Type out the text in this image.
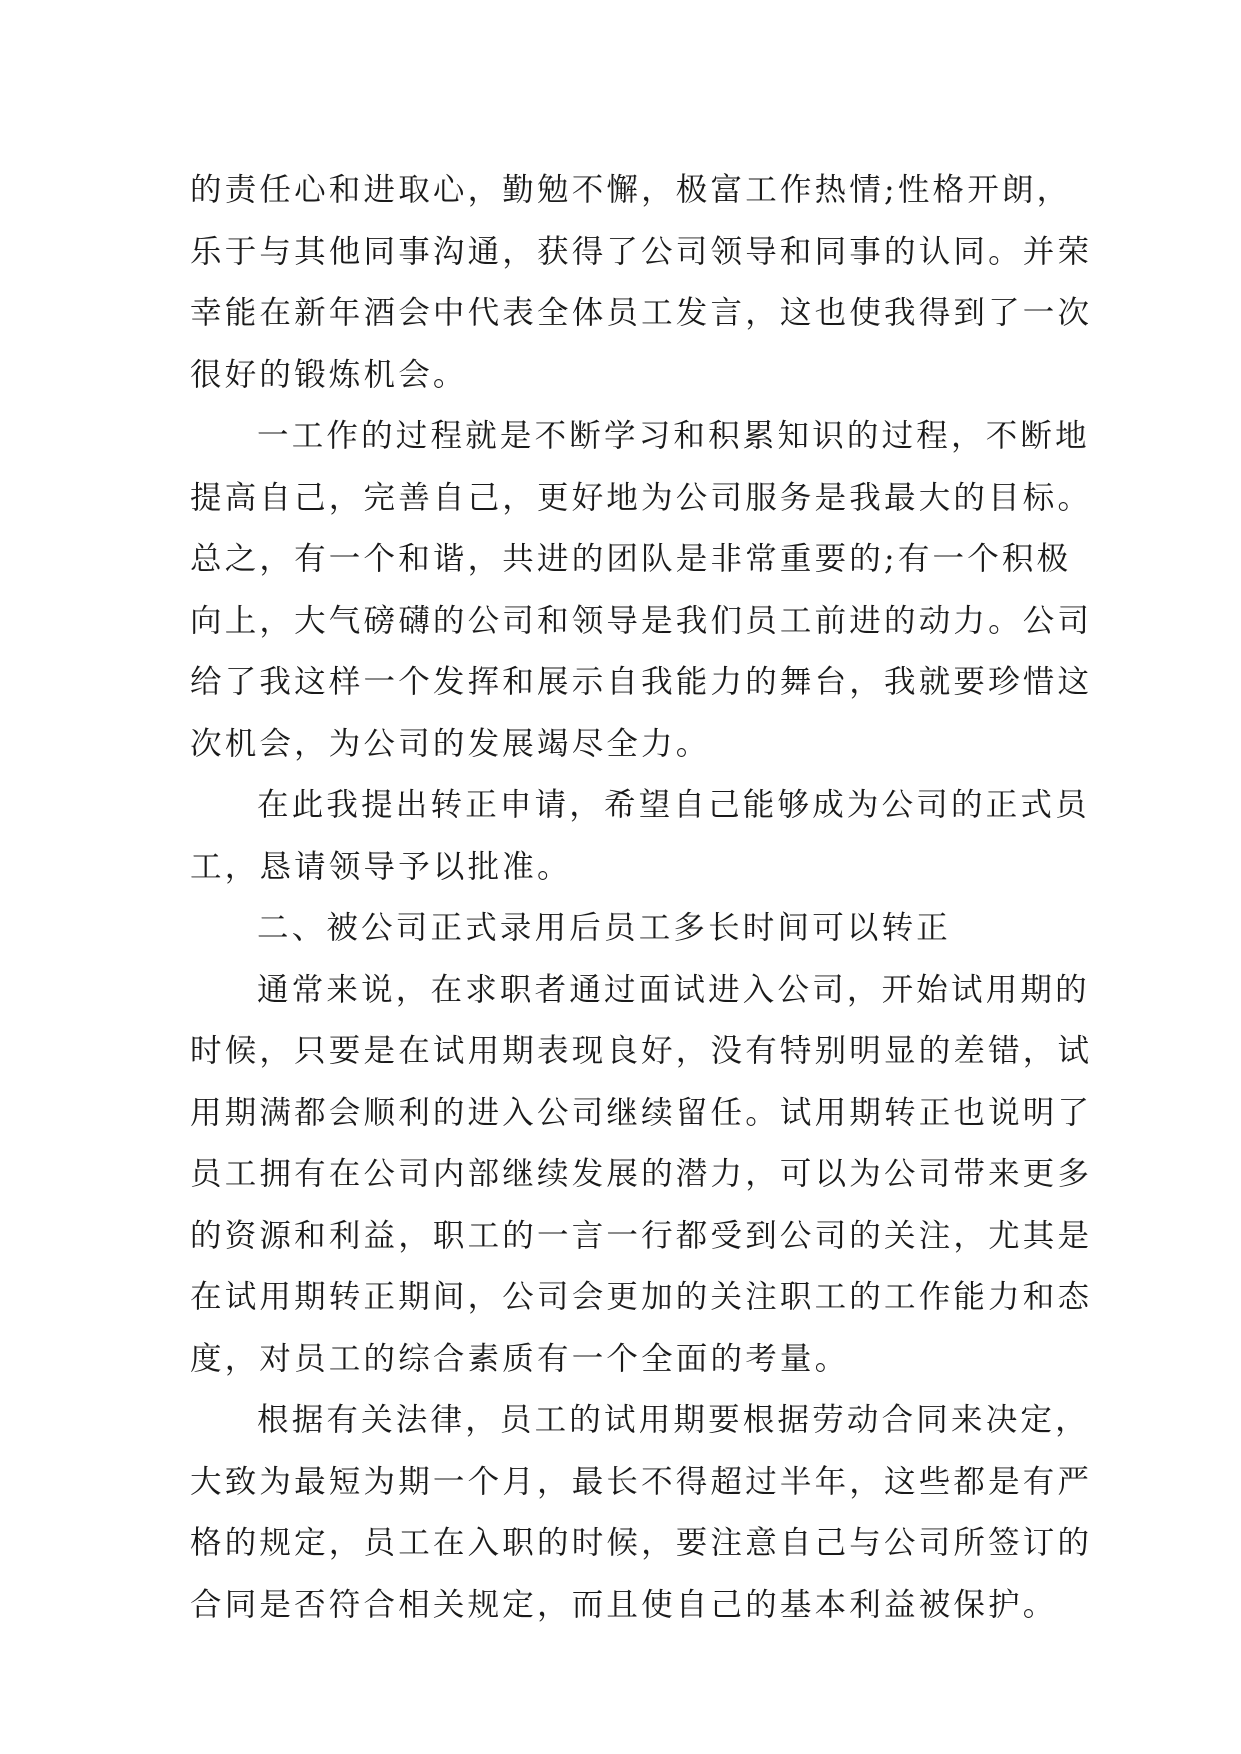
的责任心和进取心，勤勉不懈，极富工作热情;性格开朗，
乐于与其他同事沟通，获得了公司领导和同事的认同。并荣
幸能在新年酒会中代表全体员工发言，这也使我得到了一次
很好的锻炼机会。
一工作的过程就是不断学习和积累知识的过程，不断地
提高自己，完善自己，更好地为公司服务是我最大的目标。
总之，有一个和谐，共进的团队是非常重要的;有一个积极
向上，大气磅礴的公司和领导是我们员工前进的动力。公司
给了我这样一个发挥和展示自我能力的舞台，我就要珍惜这
次机会，为公司的发展竭尽全力。
在此我提出转正申请，希望自己能够成为公司的正式员
工，恳请领导予以批准。
二、被公司正式录用后员工多长时间可以转正
通常来说，在求职者通过面试进入公司，开始试用期的
时候，只要是在试用期表现良好，没有特别明显的差错，试
用期满都会顺利的进入公司继续留任。试用期转正也说明了
员工拥有在公司内部继续发展的潜力，可以为公司带来更多
的资源和利益，职工的一言一行都受到公司的关注，尤其是
在试用期转正期间，公司会更加的关注职工的工作能力和态
度，对员工的综合素质有一个全面的考量。
根据有关法律，员工的试用期要根据劳动合同来决定，
大致为最短为期一个月，最长不得超过半年，这些都是有严
格的规定，员工在入职的时候，要注意自己与公司所签订的
合同是否符合相关规定，而且使自己的基本利益被保护。
